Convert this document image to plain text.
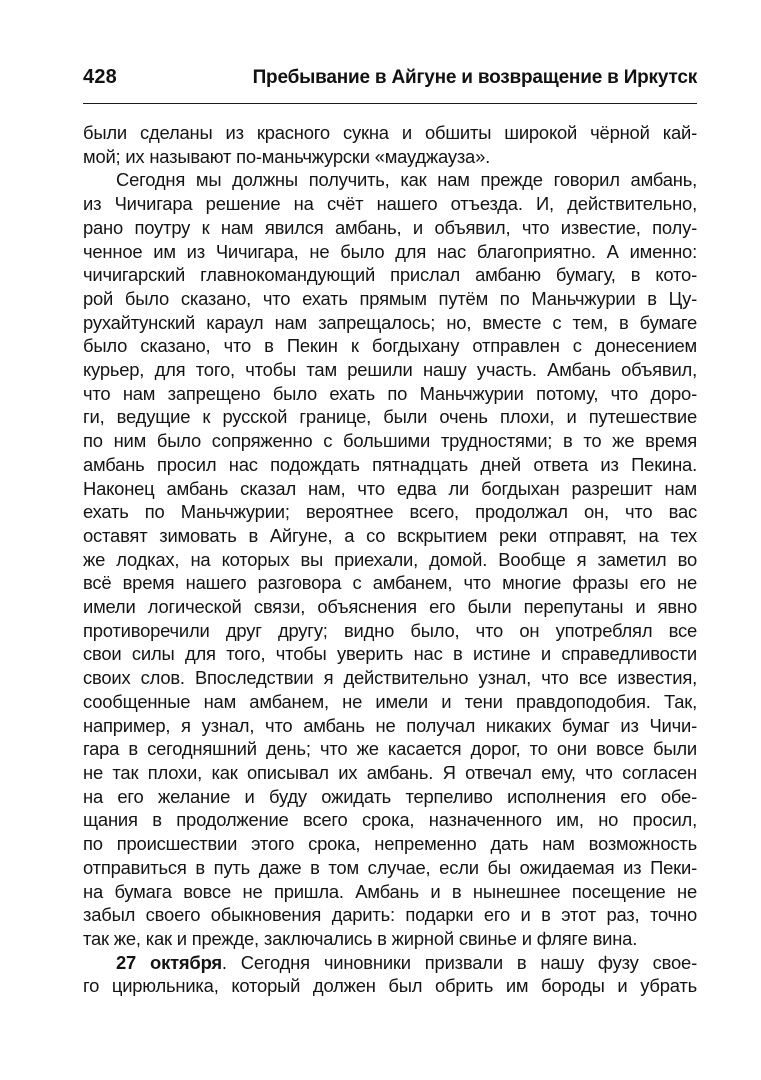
428	Пребывание в Айгуне и возвращение в Иркутск
были сделаны из красного сукна и обшиты широкой чёрной кай-
мой; их называют по-маньчжурски «мауджауза».
Сегодня мы должны получить, как нам прежде говорил амбань,
из Чичигара решение на счёт нашего отъезда. И, действительно,
рано поутру к нам явился амбань, и объявил, что известие, полу-
ченное им из Чичигара, не было для нас благоприятно. А именно:
чичигарский главнокомандующий прислал амбаню бумагу, в кото-
рой было сказано, что ехать прямым путём по Маньчжурии в Цу-
рухайтунский караул нам запрещалось; но, вместе с тем, в бумаге
было сказано, что в Пекин к богдыхану отправлен с донесением
курьер, для того, чтобы там решили нашу участь. Амбань объявил,
что нам запрещено было ехать по Маньчжурии потому, что доро-
ги, ведущие к русской границе, были очень плохи, и путешествие
по ним было сопряженно с большими трудностями; в то же время
амбань просил нас подождать пятнадцать дней ответа из Пекина.
Наконец амбань сказал нам, что едва ли богдыхан разрешит нам
ехать по Маньчжурии; вероятнее всего, продолжал он, что вас
оставят зимовать в Айгуне, а со вскрытием реки отправят, на тех
же лодках, на которых вы приехали, домой. Вообще я заметил во
всё время нашего разговора с амбанем, что многие фразы его не
имели логической связи, объяснения его были перепутаны и явно
противоречили друг другу; видно было, что он употреблял все
свои силы для того, чтобы уверить нас в истине и справедливости
своих слов. Впоследствии я действительно узнал, что все известия,
сообщенные нам амбанем, не имели и тени правдоподобия. Так,
например, я узнал, что амбань не получал никаких бумаг из Чичи-
гара в сегодняшний день; что же касается дорог, то они вовсе были
не так плохи, как описывал их амбань. Я отвечал ему, что согласен
на его желание и буду ожидать терпеливо исполнения его обе-
щания в продолжение всего срока, назначенного им, но просил,
по происшествии этого срока, непременно дать нам возможность
отправиться в путь даже в том случае, если бы ожидаемая из Пеки-
на бумага вовсе не пришла. Амбань и в нынешнее посещение не
забыл своего обыкновения дарить: подарки его и в этот раз, точно
так же, как и прежде, заключались в жирной свинье и фляге вина.
27 октября. Сегодня чиновники призвали в нашу фузу свое-
го цирюльника, который должен был обрить им бороды и убрать
